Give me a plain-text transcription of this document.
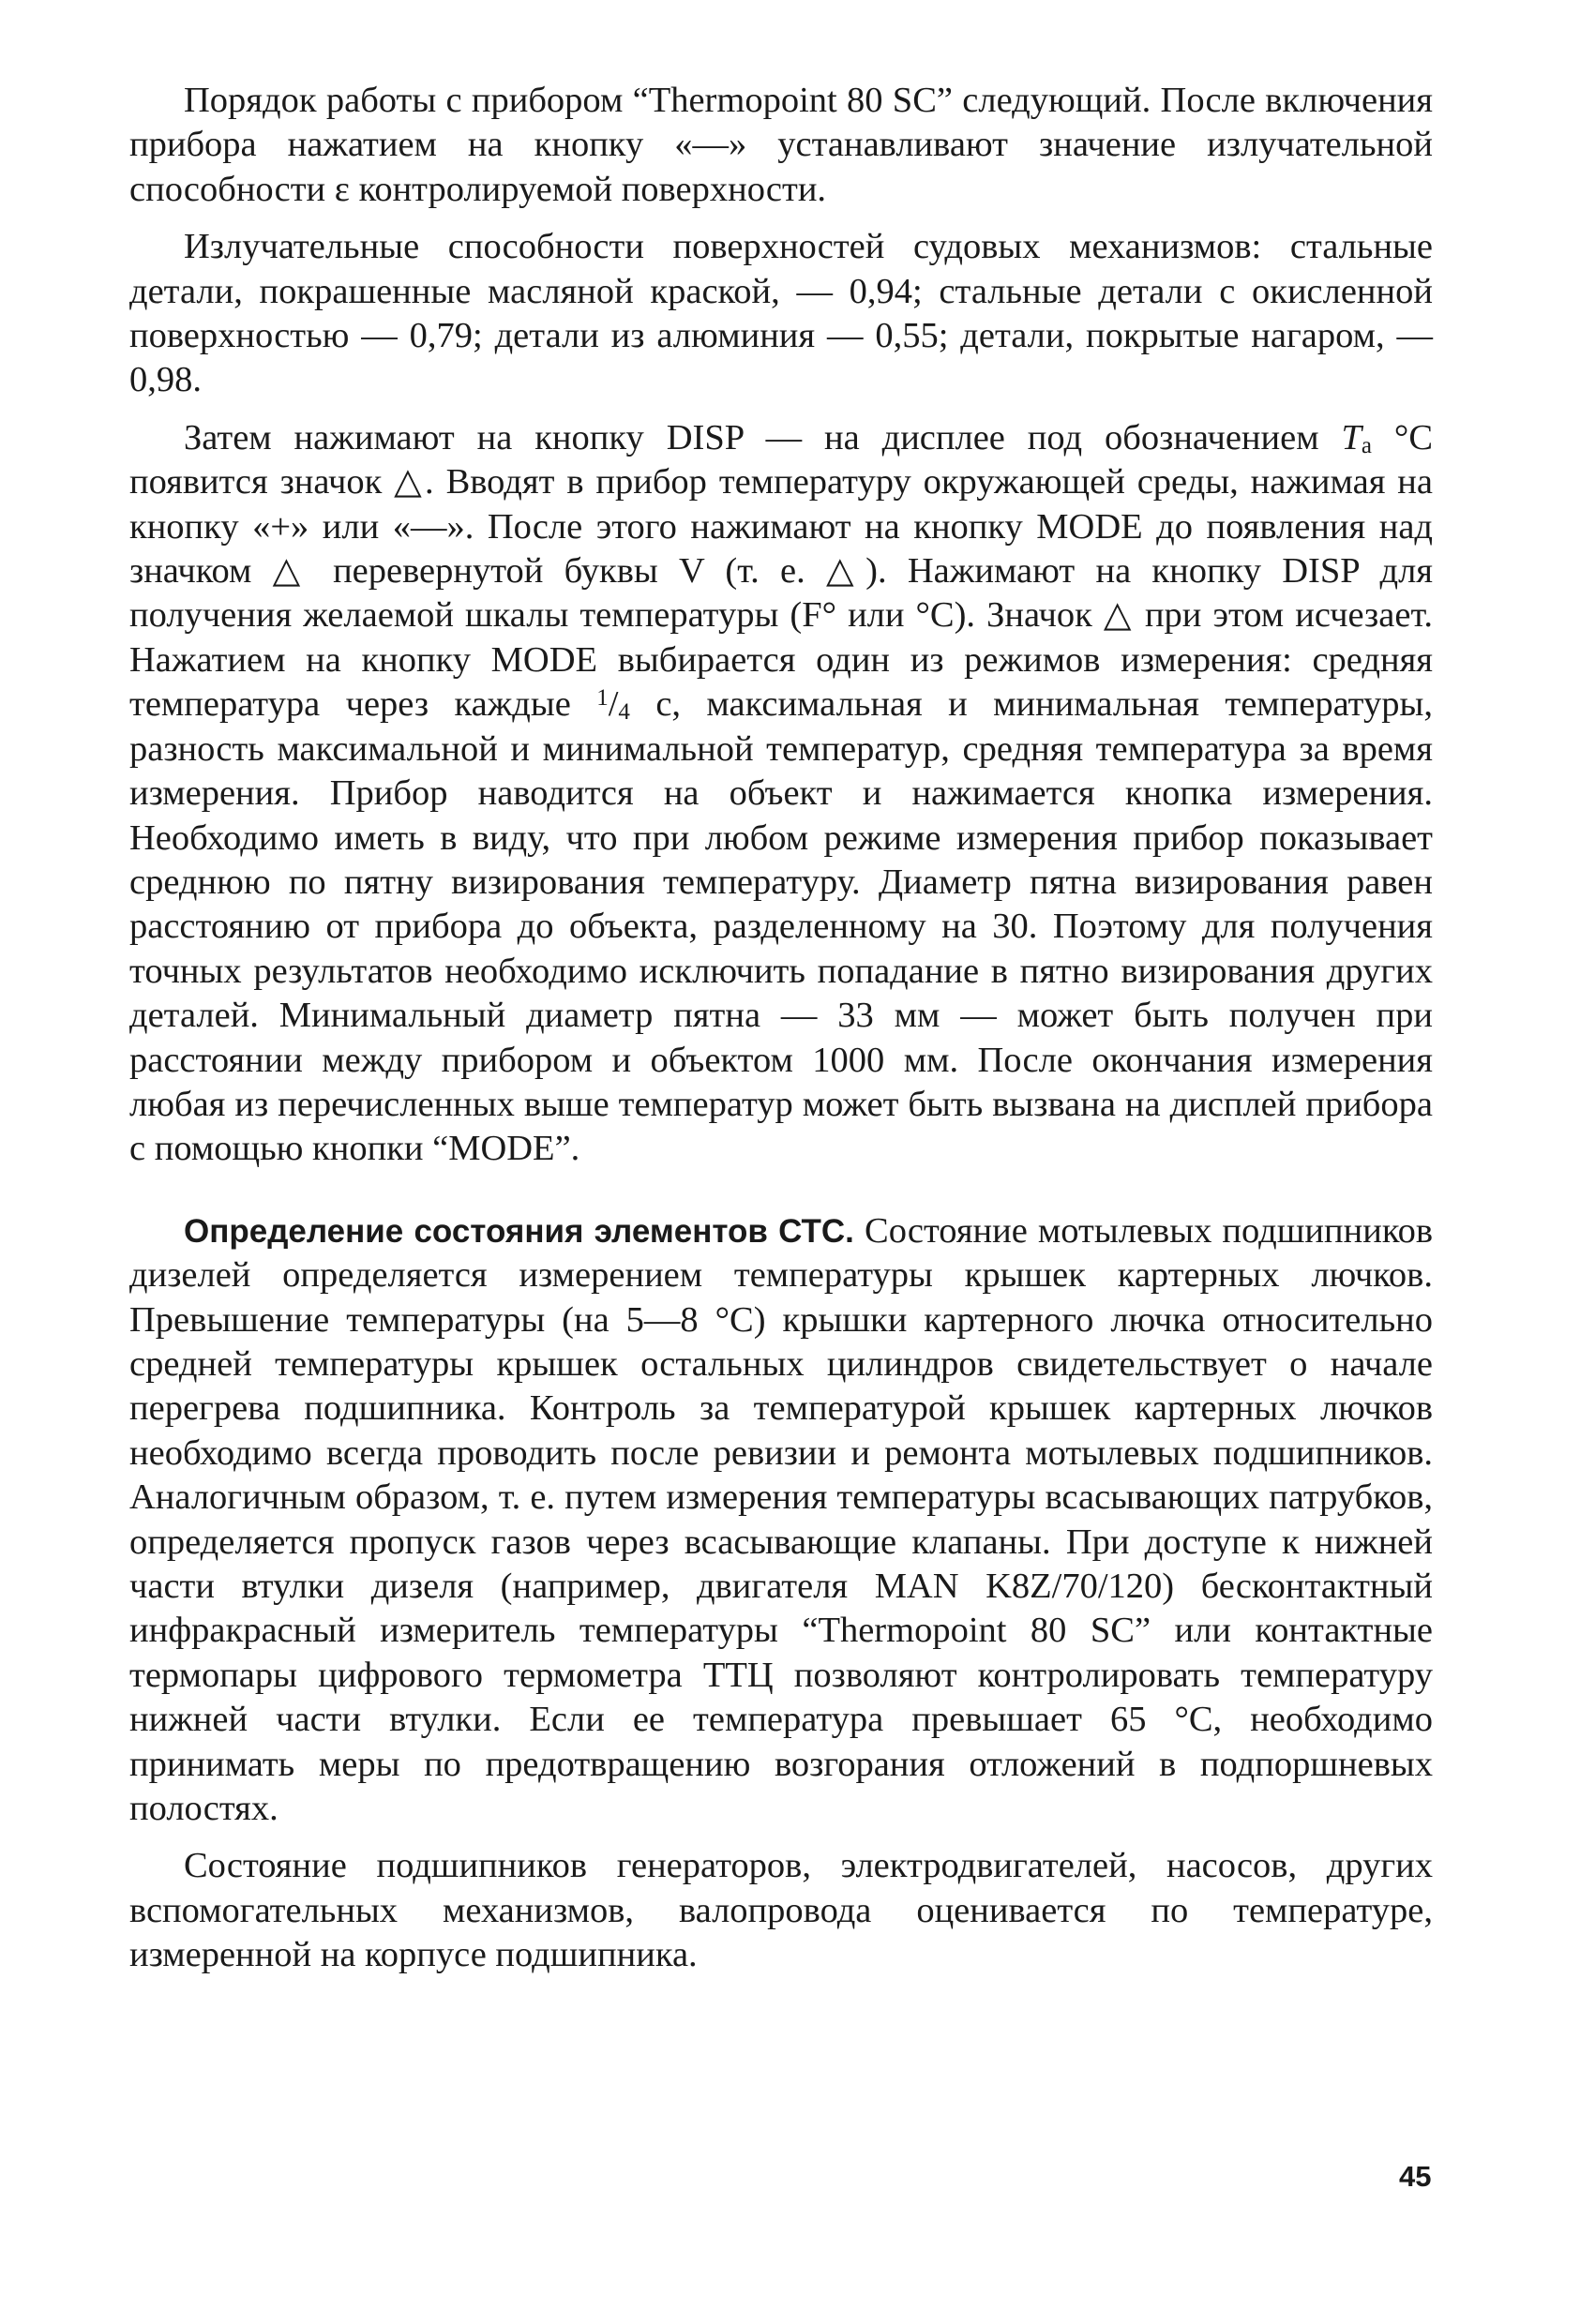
Порядок работы с прибором “Thermopoint 80 SC” следующий. После включения прибора нажатием на кнопку «—» устанавливают значение излучательной способности ε контролируемой поверхности.

Излучательные способности поверхностей судовых механизмов: стальные детали, покрашенные масляной краской, — 0,94; стальные детали с окисленной поверхностью — 0,79; детали из алюминия — 0,55; детали, покрытые нагаром, — 0,98.

Затем нажимают на кнопку DISP — на дисплее под обозначением Ta °C появится значок △. Вводят в прибор температуру окружающей среды, нажимая на кнопку «+» или «—». После этого нажимают на кнопку MODE до появления над значком △ перевернутой буквы V (т. е. △). Нажимают на кнопку DISP для получения желаемой шкалы температуры (F° или °C). Значок △ при этом исчезает. Нажатием на кнопку MODE выбирается один из режимов измерения: средняя температура через каждые $^1$/4 с, максимальная и минимальная температуры, разность максимальной и минимальной температур, средняя температура за время измерения. Прибор наводится на объект и нажимается кнопка измерения. Необходимо иметь в виду, что при любом режиме измерения прибор показывает среднюю по пятну визирования температуру. Диаметр пятна визирования равен расстоянию от прибора до объекта, разделенному на 30. Поэтому для получения точных результатов необходимо исключить попадание в пятно визирования других деталей. Минимальный диаметр пятна — 33 мм — может быть получен при расстоянии между прибором и объектом 1000 мм. После окончания измерения любая из перечисленных выше температур может быть вызвана на дисплей прибора с помощью кнопки “MODE”.

Определение состояния элементов СТС. Состояние мотылевых подшипников дизелей определяется измерением температуры крышек картерных лючков. Превышение температуры (на 5—8 °C) крышки картерного лючка относительно средней температуры крышек остальных цилиндров свидетельствует о начале перегрева подшипника. Контроль за температурой крышек картерных лючков необходимо всегда проводить после ревизии и ремонта мотылевых подшипников. Аналогичным образом, т. е. путем измерения температуры всасывающих патрубков, определяется пропуск газов через всасывающие клапаны. При доступе к нижней части втулки дизеля (например, двигателя MAN K8Z/70/120) бесконтактный инфракрасный измеритель температуры “Thermopoint 80 SC” или контактные термопары цифрового термометра ТТЦ позволяют контролировать температуру нижней части втулки. Если ее температура превышает 65 °C, необходимо принимать меры по предотвращению возгорания отложений в подпоршневых полостях.

Состояние подшипников генераторов, электродвигателей, насосов, других вспомогательных механизмов, валопровода оценивается по температуре, измеренной на корпусе подшипника.

45
